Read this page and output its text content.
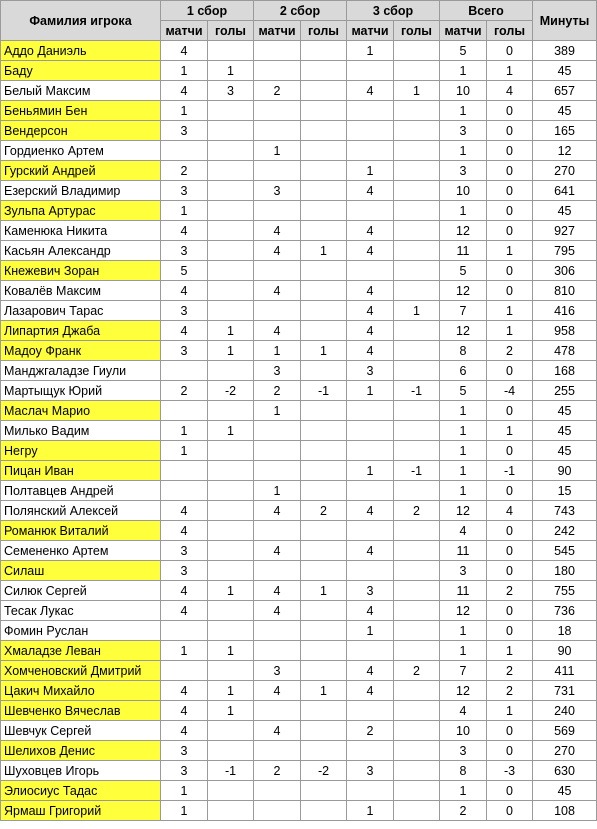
Фамилия игрока	1 сбор		2 сбор		3 сбор		Всего		Минуты
	матчи	голы	матчи	голы	матчи	голы	матчи	голы	
Аддо Даниэль	4				1		5	0	389
Баду	1	1					1	1	45
Белый Максим	4	3	2		4	1	10	4	657
Беньямин Бен	1						1	0	45
Вендерсон	3						3	0	165
Гордиенко Артем			1				1	0	12
Гурский Андрей	2				1		3	0	270
Езерский Владимир	3		3		4		10	0	641
Зульпа Артурас	1						1	0	45
Каменюка Никита	4		4		4		12	0	927
Касьян Александр	3		4	1	4		11	1	795
Кнежевич Зоран	5						5	0	306
Ковалёв Максим	4		4		4		12	0	810
Лазарович Тарас	3				4	1	7	1	416
Липартия Джаба	4	1	4		4		12	1	958
Мадоу Франк	3	1	1	1	4		8	2	478
Манджгаладзе Гиули			3		3		6	0	168
Мартыщук Юрий	2	-2	2	-1	1	-1	5	-4	255
Маслач Марио			1				1	0	45
Милько Вадим	1	1					1	1	45
Негру	1						1	0	45
Пицан Иван					1	-1	1	-1	90
Полтавцев Андрей			1				1	0	15
Полянский Алексей	4		4	2	4	2	12	4	743
Романюк Виталий	4						4	0	242
Семененко Артем	3		4		4		11	0	545
Силаш	3						3	0	180
Силюк Сергей	4	1	4	1	3		11	2	755
Тесак Лукас	4		4		4		12	0	736
Фомин Руслан					1		1	0	18
Хмаладзе Леван	1	1					1	1	90
Хомченовский Дмитрий			3		4	2	7	2	411
Цакич Михайло	4	1	4	1	4		12	2	731
Шевченко Вячеслав	4	1					4	1	240
Шевчук Сергей	4		4		2		10	0	569
Шелихов Денис	3						3	0	270
Шуховцев Игорь	3	-1	2	-2	3		8	-3	630
Элиосиус Тадас	1						1	0	45
Ярмаш Григорий	1				1		2	0	108
